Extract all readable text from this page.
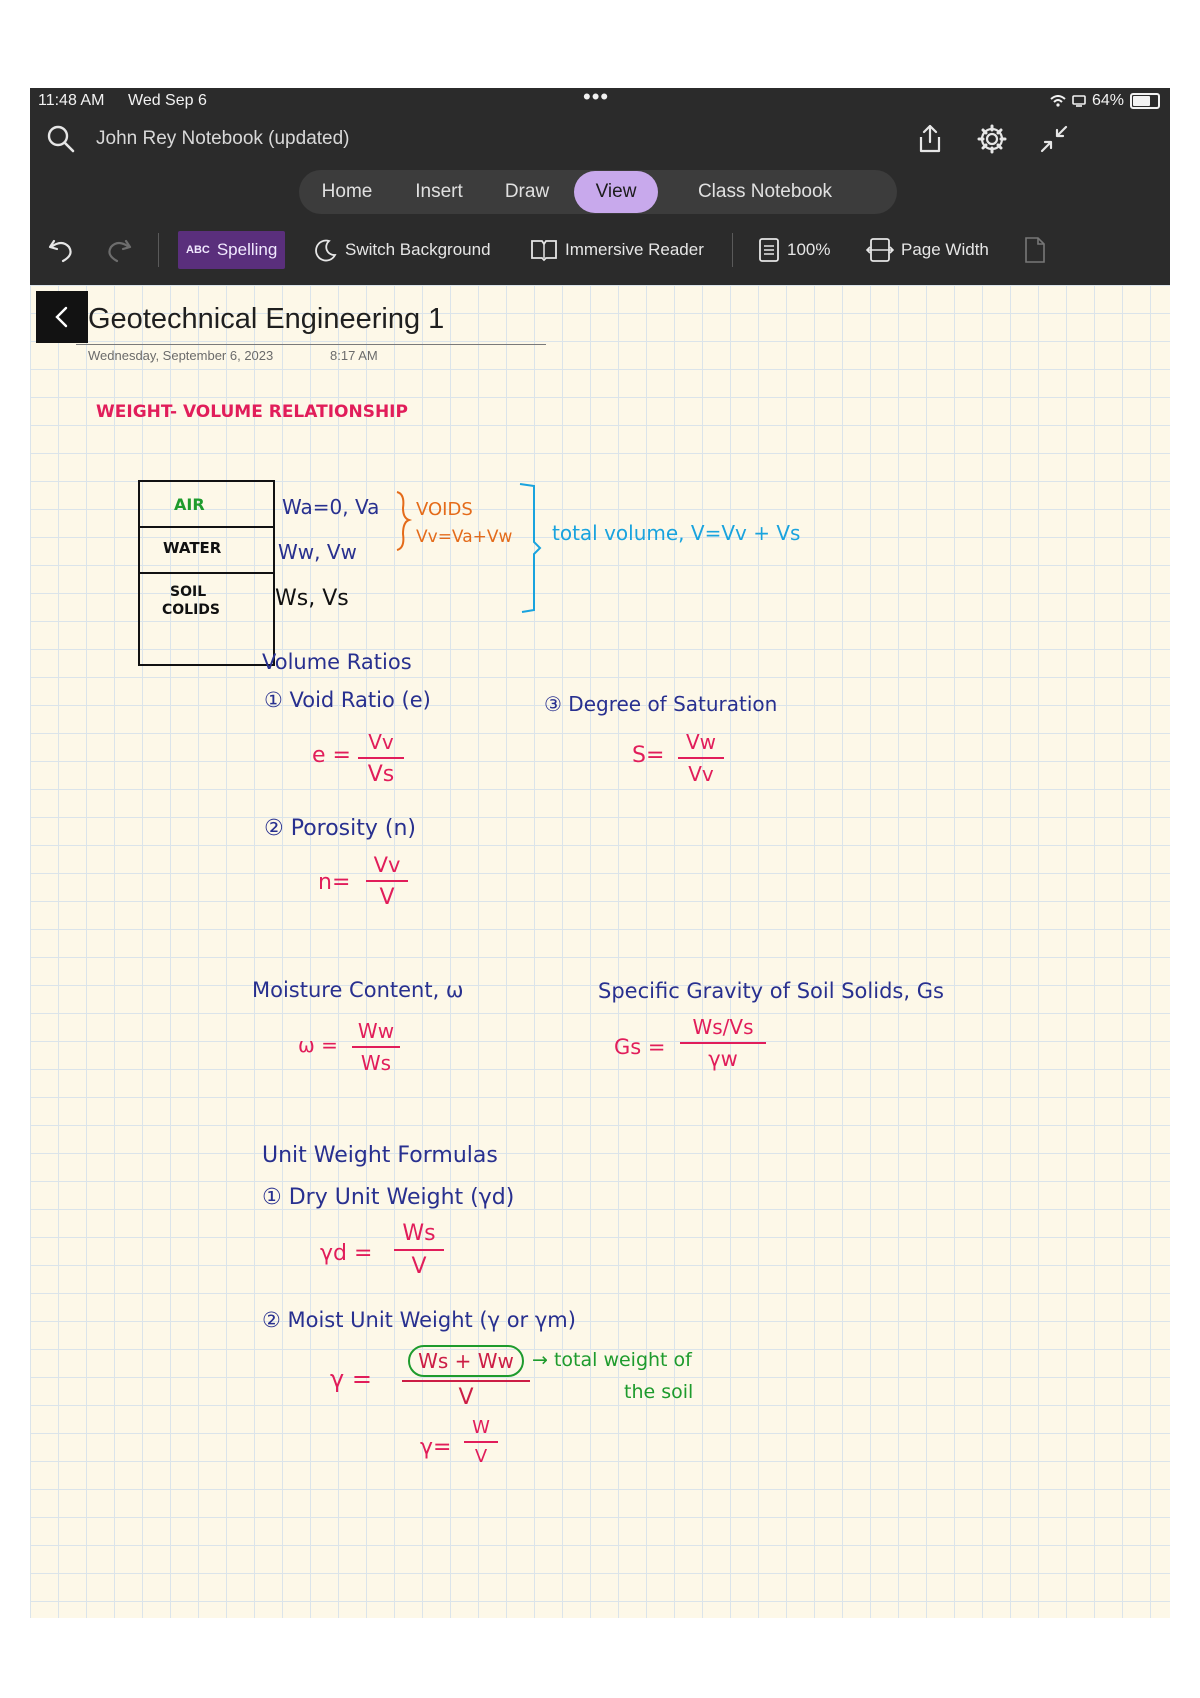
11:48 AM Wed Sep 6	•••	64%
John Rey Notebook (updated)
Home	Insert	Draw	View	Class Notebook
ABC Spelling	Switch Background	Immersive Reader	100%	Page Width
Geotechnical Engineering 1
Wednesday, September 6, 2023	8:17 AM
WEIGHT- VOLUME RELATIONSHIP
AIR
WATER
SOIL
COLIDS
Wa=0, Va
Ww, Vw
Ws, Vs
VOIDS
Vv=Va+Vw total volume, V=Vv + Vs
Volume Ratios
① Void Ratio (e)
e =
Vv
Vs
③ Degree of Saturation
S=
Vw
Vv
② Porosity (n)
n=
Vv
V
Moisture Content, ω
ω =
Ww
Ws
Specific Gravity of Soil Solids, Gs
Gs =
Ws/Vs
γw
Unit Weight Formulas
① Dry Unit Weight (γd)
γd =
Ws
V
② Moist Unit Weight (γ or γm)
$\gamma = \frac{Ws + Ww}{V}$ → total weight of
the soil
γ=
W
V
